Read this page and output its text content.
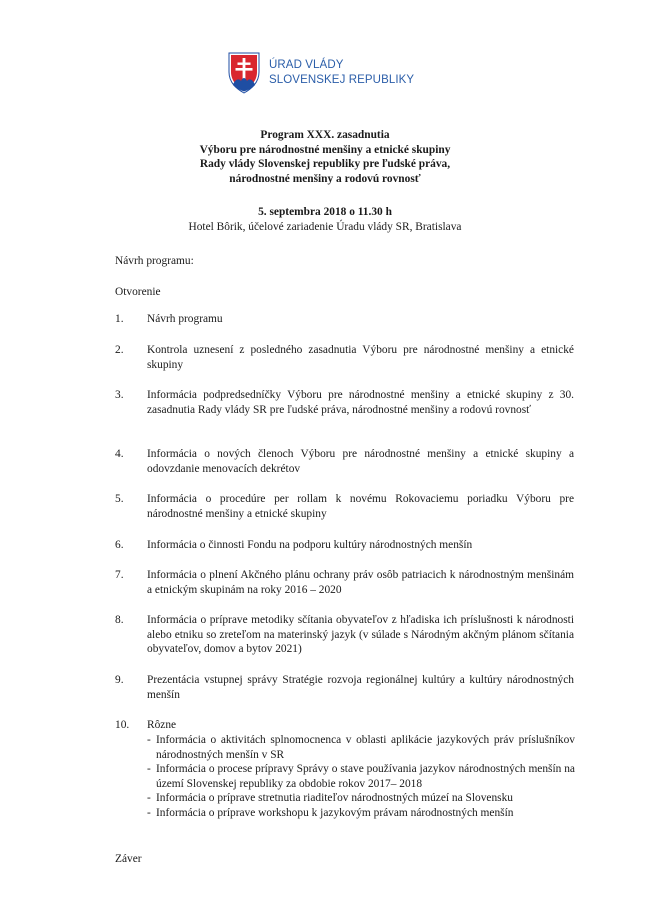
ÚRAD VLÁDY
SLOVENSKEJ REPUBLIKY
Program XXX. zasadnutia
Výboru pre národnostné menšiny a etnické skupiny
Rady vlády Slovenskej republiky pre ľudské práva,
národnostné menšiny a rodovú rovnosť
5. septembra 2018 o 11.30 h
Hotel Bôrik, účelové zariadenie Úradu vlády SR, Bratislava
Návrh programu:
Otvorenie
1.	Návrh programu
2.	Kontrola uznesení z posledného zasadnutia Výboru pre národnostné menšiny a etnické skupiny
3.	Informácia podpredsedníčky Výboru pre národnostné menšiny a etnické skupiny z 30. zasadnutia Rady vlády SR pre ľudské práva, národnostné menšiny a rodovú rovnosť
4.	Informácia o nových členoch Výboru pre národnostné menšiny a etnické skupiny a odovzdanie menovacích dekrétov
5.	Informácia o procedúre per rollam k novému Rokovaciemu poriadku Výboru pre národnostné menšiny a etnické skupiny
6.	Informácia o činnosti Fondu na podporu kultúry národnostných menšín
7.	Informácia o plnení Akčného plánu ochrany práv osôb patriacich k národnostným menšinám a etnickým skupinám na roky 2016 – 2020
8.	Informácia o príprave metodiky sčítania obyvateľov z hľadiska ich príslušnosti k národnosti alebo etniku so zreteľom na materinský jazyk (v súlade s Národným akčným plánom sčítania obyvateľov, domov a bytov 2021)
9.	Prezentácia vstupnej správy Stratégie rozvoja regionálnej kultúry a kultúry národnostných menšín
10.	Rôzne
- Informácia o aktivitách splnomocnenca v oblasti aplikácie jazykových práv príslušníkov národnostných menšín v SR
- Informácia o procese prípravy Správy o stave používania jazykov národnostných menšín na území Slovenskej republiky za obdobie rokov 2017– 2018
- Informácia o príprave stretnutia riaditeľov národnostných múzeí na Slovensku
- Informácia o príprave workshopu k jazykovým právam národnostných menšín
Záver
